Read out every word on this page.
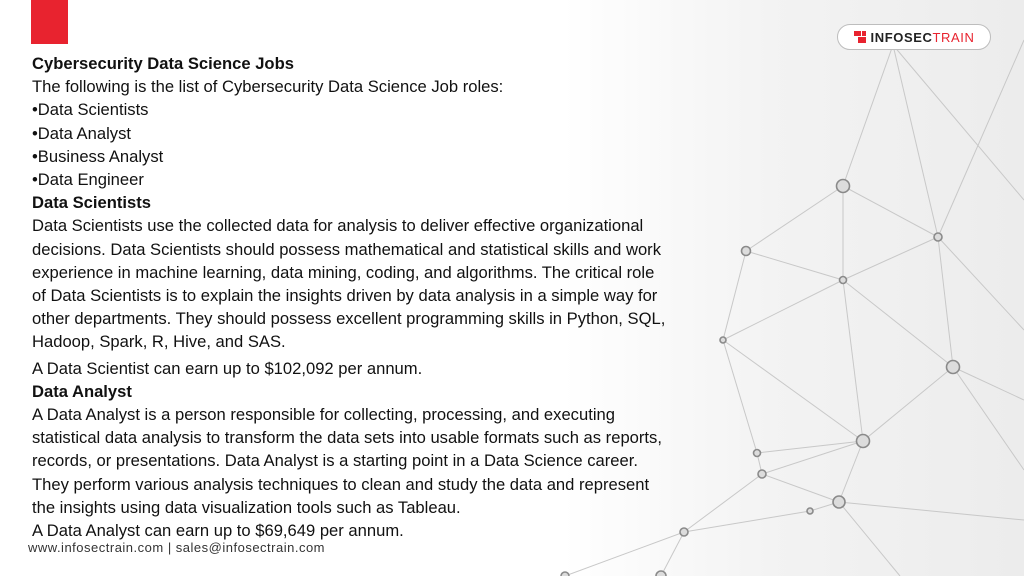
INFOSECTRAIN

Cybersecurity Data Science Jobs

The following is the list of Cybersecurity Data Science Job roles:

•Data Scientists

•Data Analyst

•Business Analyst

•Data Engineer

Data Scientists

Data Scientists use the collected data for analysis to deliver effective organizational

decisions. Data Scientists should possess mathematical and statistical skills and work

experience in machine learning, data mining, coding, and algorithms. The critical role

of Data Scientists is to explain the insights driven by data analysis in a simple way for

other departments. They should possess excellent programming skills in Python, SQL,

Hadoop, Spark, R, Hive, and SAS.

A Data Scientist can earn up to $102,092 per annum.

Data Analyst

A Data Analyst is a person responsible for collecting, processing, and executing

statistical data analysis to transform the data sets into usable formats such as reports,

records, or presentations. Data Analyst is a starting point in a Data Science career.

They perform various analysis techniques to clean and study the data and represent

the insights using data visualization tools such as Tableau.

A Data Analyst can earn up to $69,649 per annum.

www.infosectrain.com | sales@infosectrain.com
